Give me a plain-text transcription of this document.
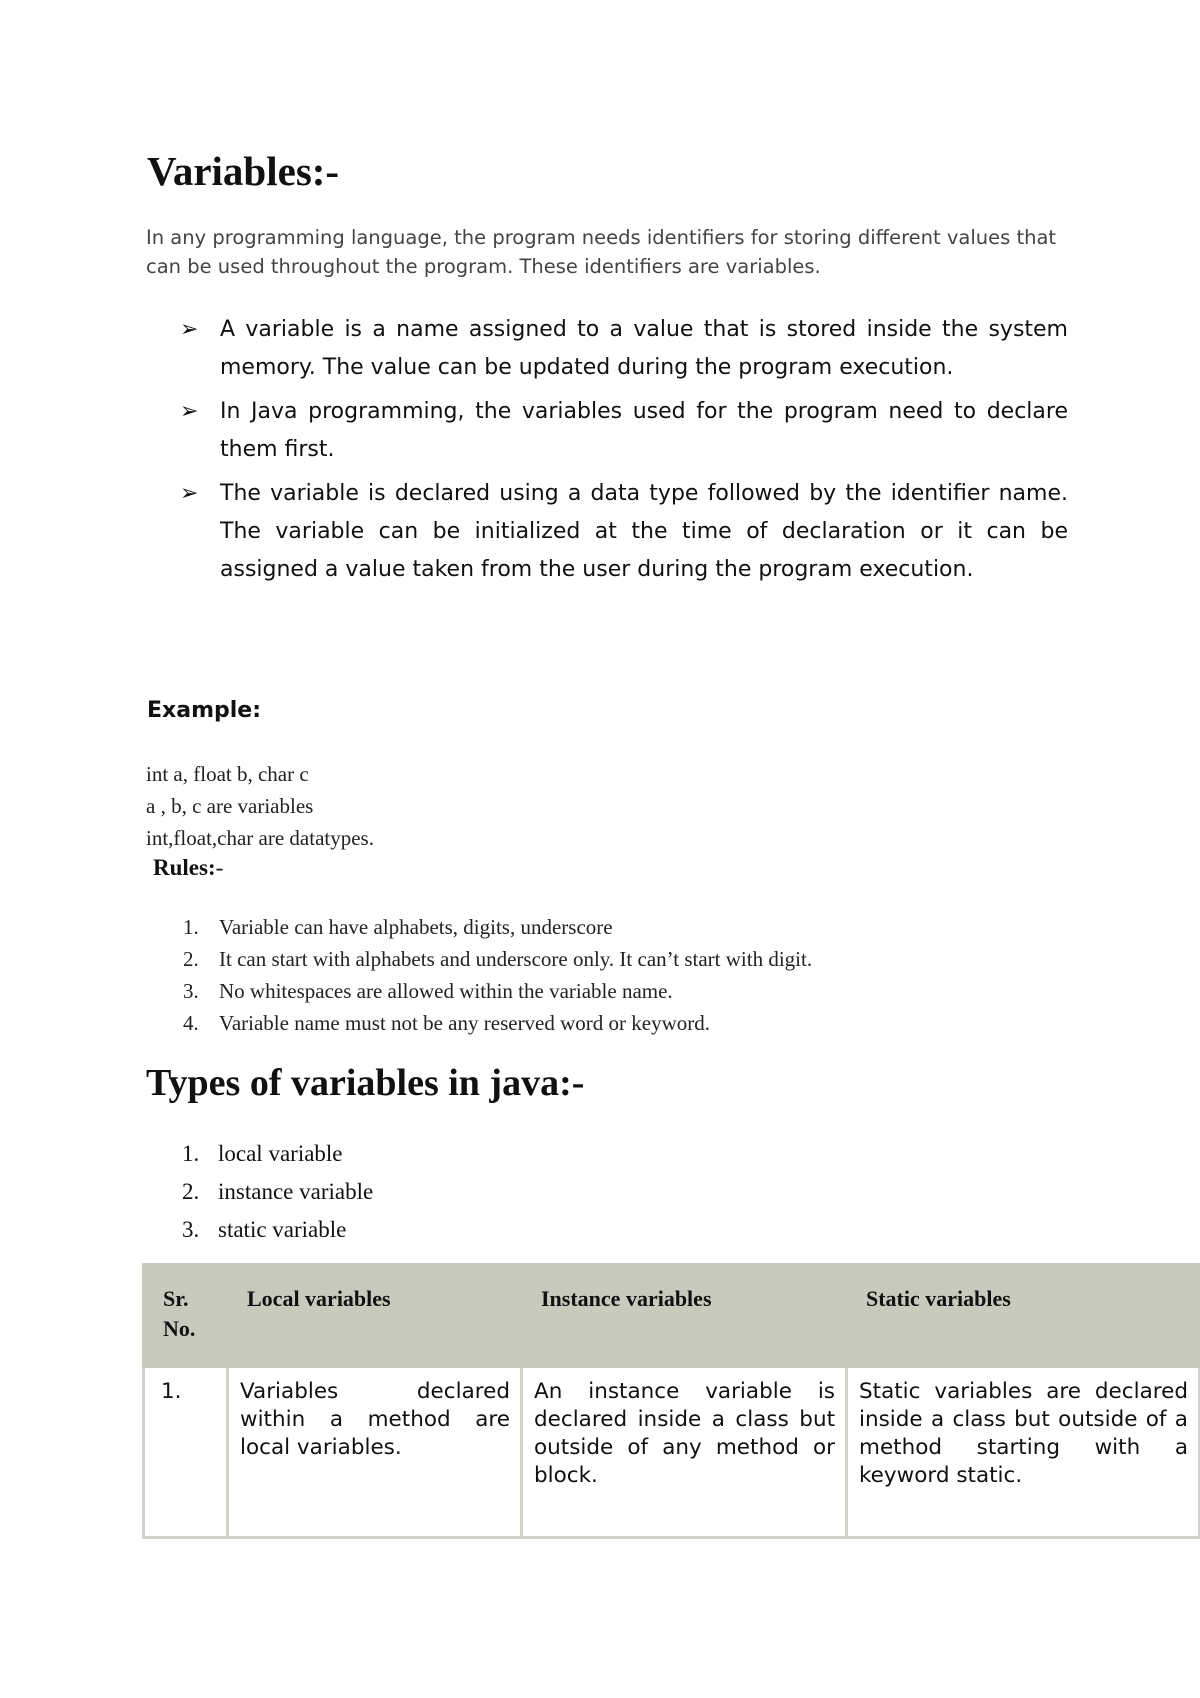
Variables:-

In any programming language, the program needs identifiers for storing different values that can be used throughout the program. These identifiers are variables.

➢ A variable is a name assigned to a value that is stored inside the system memory. The value can be updated during the program execution.
➢ In Java programming, the variables used for the program need to declare them first.
➢ The variable is declared using a data type followed by the identifier name. The variable can be initialized at the time of declaration or it can be assigned a value taken from the user during the program execution.

Example:

int a, float b, char c
a , b, c are variables
int,float,char are datatypes.

Rules:-

1. Variable can have alphabets, digits, underscore
2. It can start with alphabets and underscore only. It can’t start with digit.
3. No whitespaces are allowed within the variable name.
4. Variable name must not be any reserved word or keyword.
Types of variables in java:-
1. local variable
2. instance variable
3. static variable
Sr. No.	Local variables	Instance variables	Static variables
1.	Variables declared within a method are local variables.	An instance variable is declared inside a class but outside of any method or block.	Static variables are declared inside a class but outside of a method starting with a keyword static.
